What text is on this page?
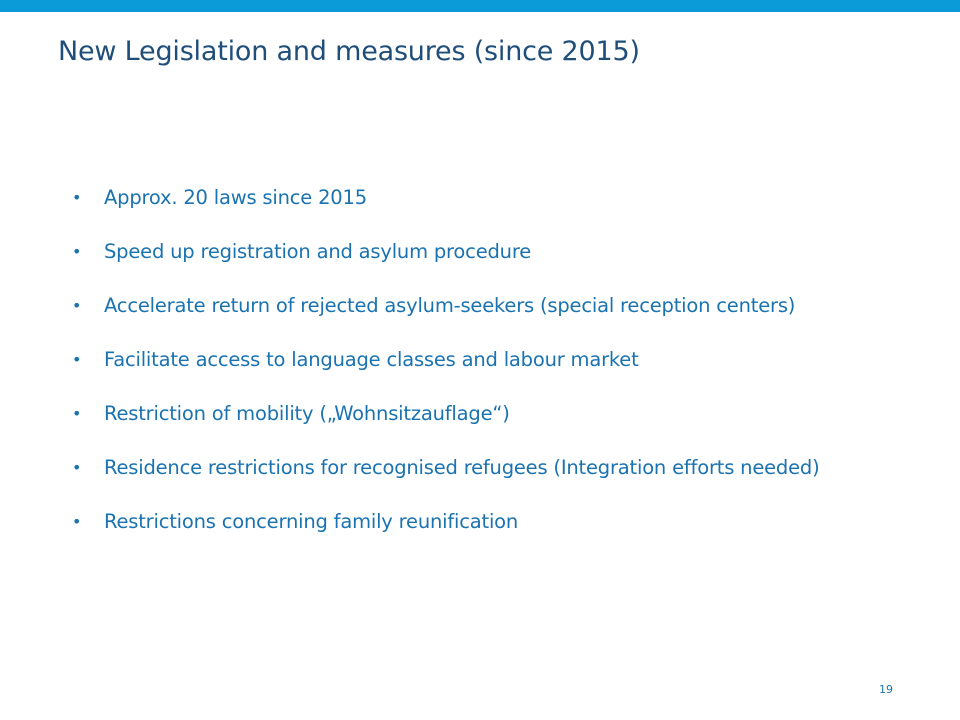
New Legislation and measures (since 2015)
•	Approx. 20 laws since 2015
•	Speed up registration and asylum procedure
•	Accelerate return of rejected asylum-seekers (special reception centers)
•	Facilitate access to language classes and labour market
•	Restriction of mobility („Wohnsitzauflage“)
•	Residence restrictions for recognised refugees (Integration efforts needed)
•	Restrictions concerning family reunification
19
